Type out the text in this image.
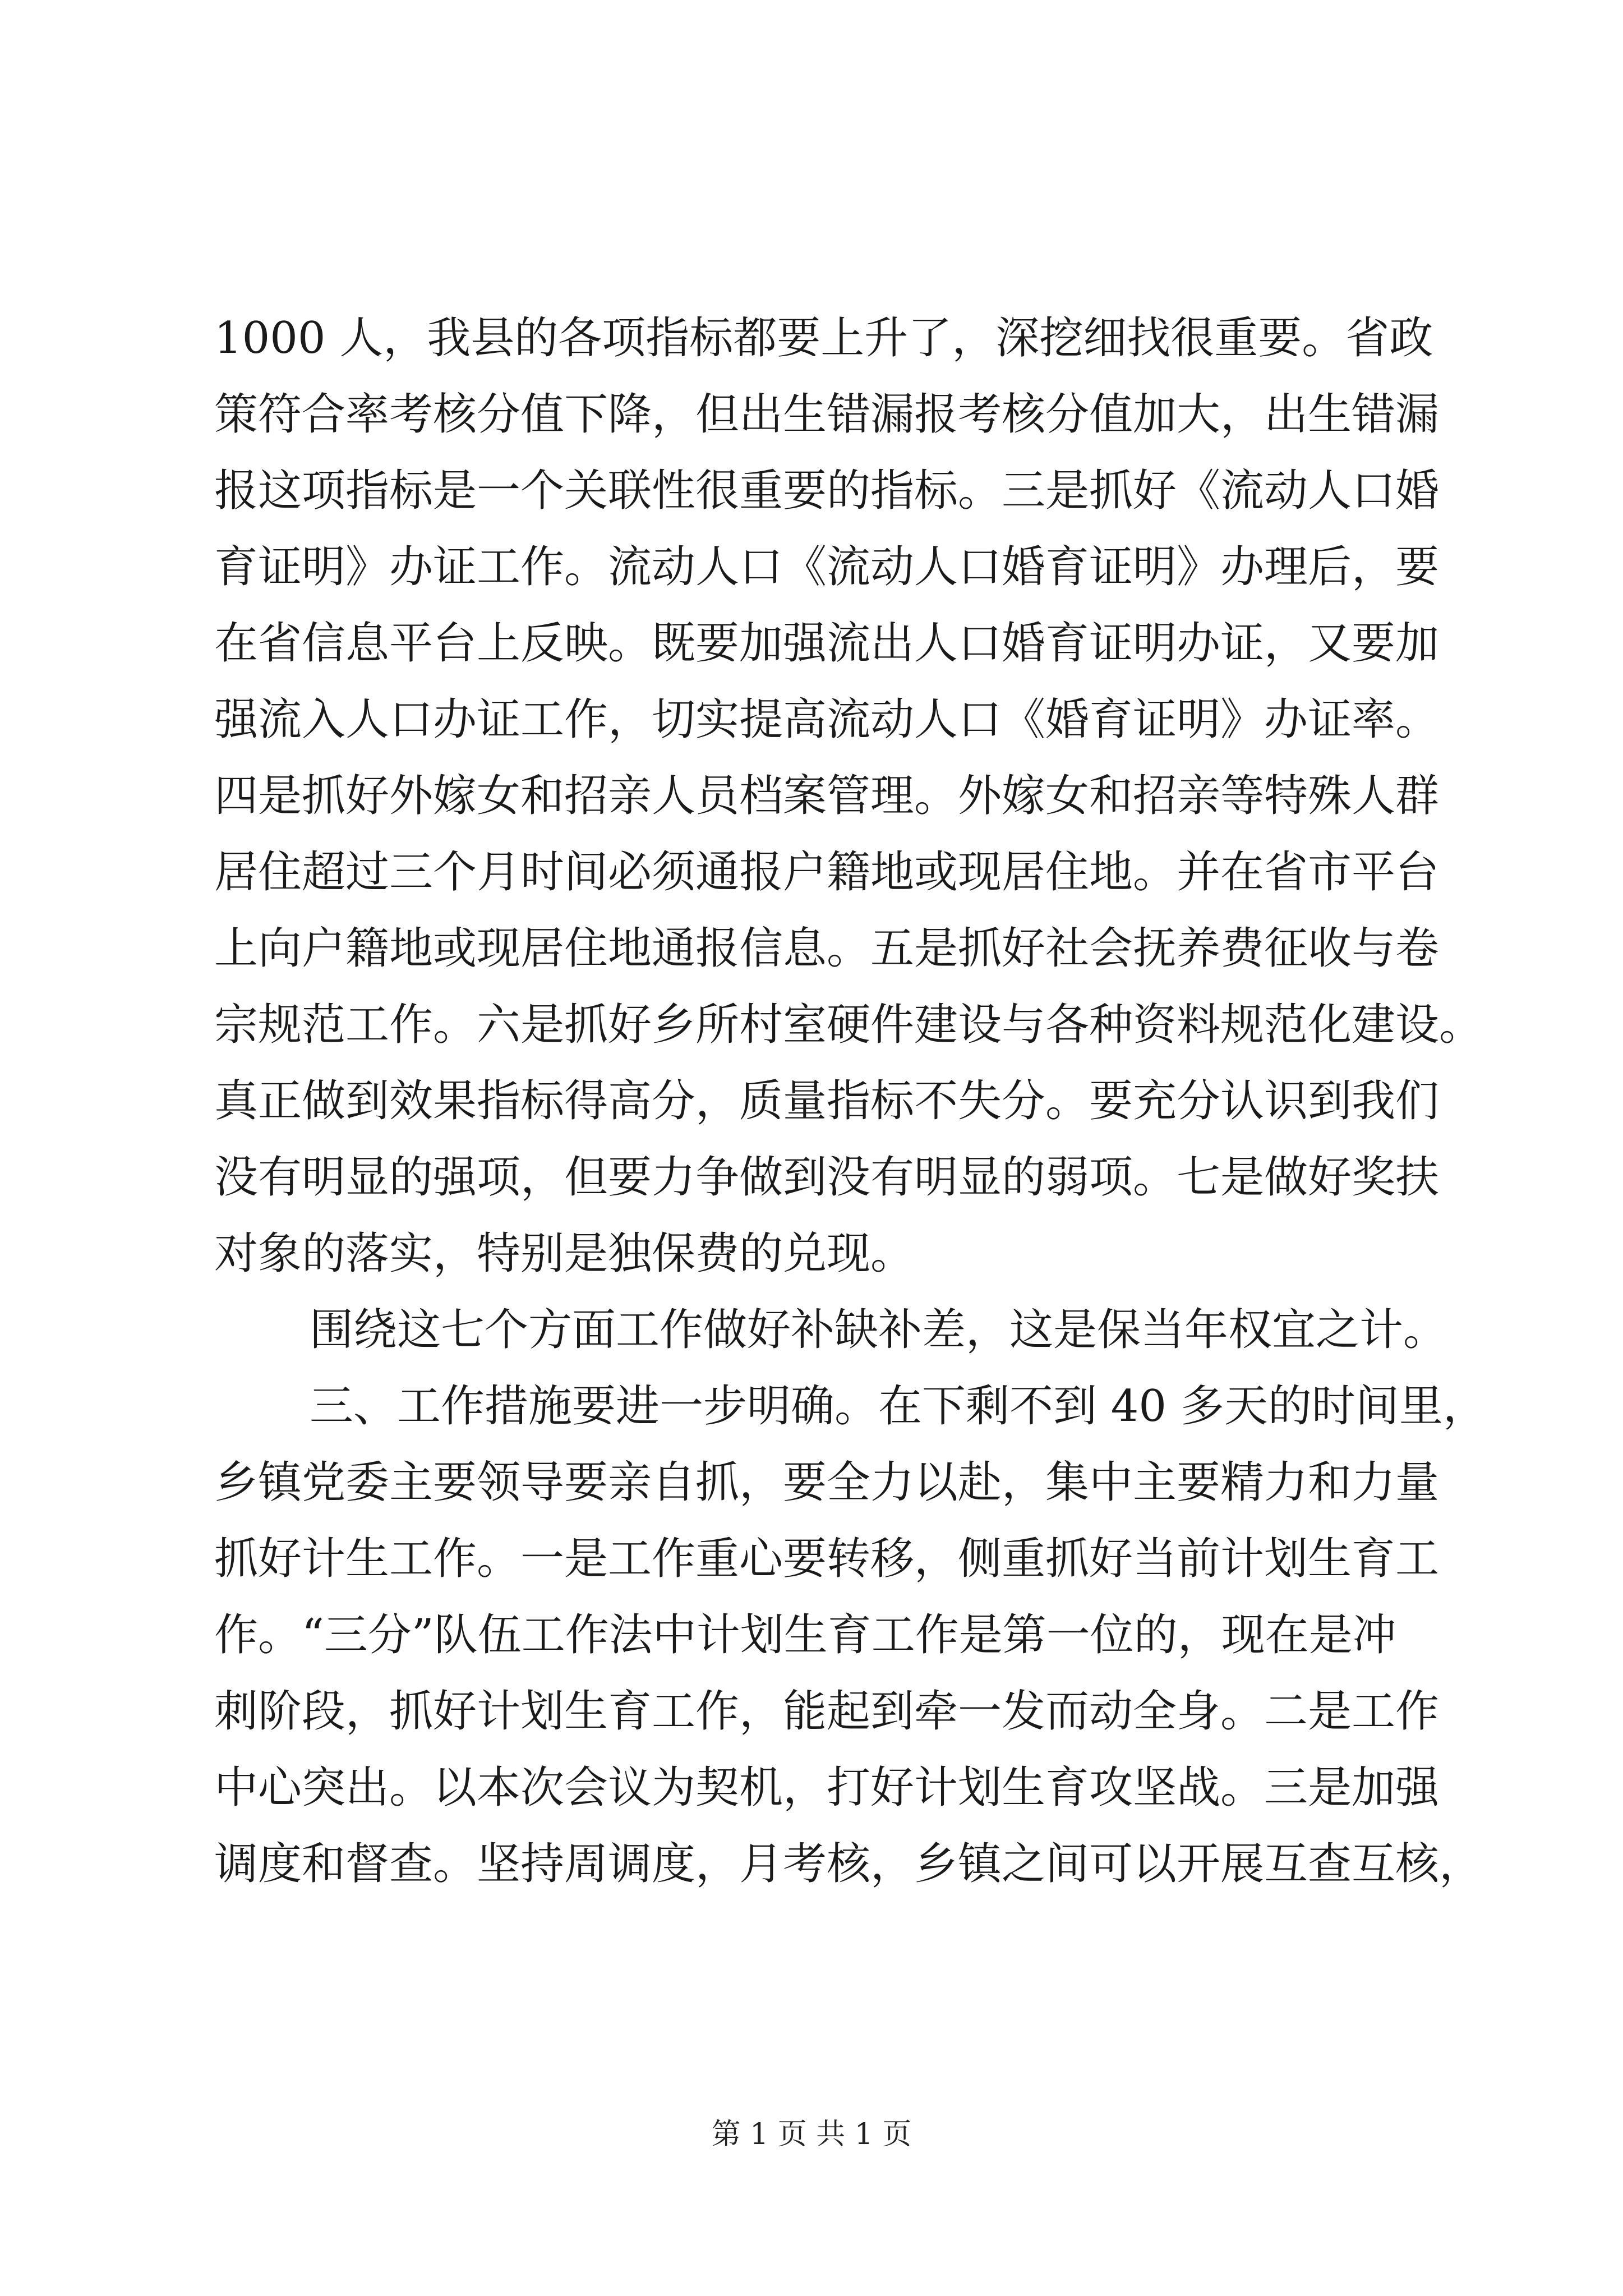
1000 人，我县的各项指标都要上升了，深挖细找很重要。省政
策符合率考核分值下降，但出生错漏报考核分值加大，出生错漏
报这项指标是一个关联性很重要的指标。三是抓好《流动人口婚
育证明》办证工作。流动人口《流动人口婚育证明》办理后，要
在省信息平台上反映。既要加强流出人口婚育证明办证，又要加
强流入人口办证工作，切实提高流动人口《婚育证明》办证率。
四是抓好外嫁女和招亲人员档案管理。外嫁女和招亲等特殊人群
居住超过三个月时间必须通报户籍地或现居住地。并在省市平台
上向户籍地或现居住地通报信息。五是抓好社会抚养费征收与卷
宗规范工作。六是抓好乡所村室硬件建设与各种资料规范化建设。
真正做到效果指标得高分，质量指标不失分。要充分认识到我们
没有明显的强项，但要力争做到没有明显的弱项。七是做好奖扶
对象的落实，特别是独保费的兑现。
围绕这七个方面工作做好补缺补差，这是保当年权宜之计。
三、工作措施要进一步明确。在下剩不到 40 多天的时间里，
乡镇党委主要领导要亲自抓，要全力以赴，集中主要精力和力量
抓好计生工作。一是工作重心要转移，侧重抓好当前计划生育工
作。“三分”队伍工作法中计划生育工作是第一位的，现在是冲
刺阶段，抓好计划生育工作，能起到牵一发而动全身。二是工作
中心突出。以本次会议为契机，打好计划生育攻坚战。三是加强
调度和督查。坚持周调度，月考核，乡镇之间可以开展互查互核，
第 1 页 共 1 页
